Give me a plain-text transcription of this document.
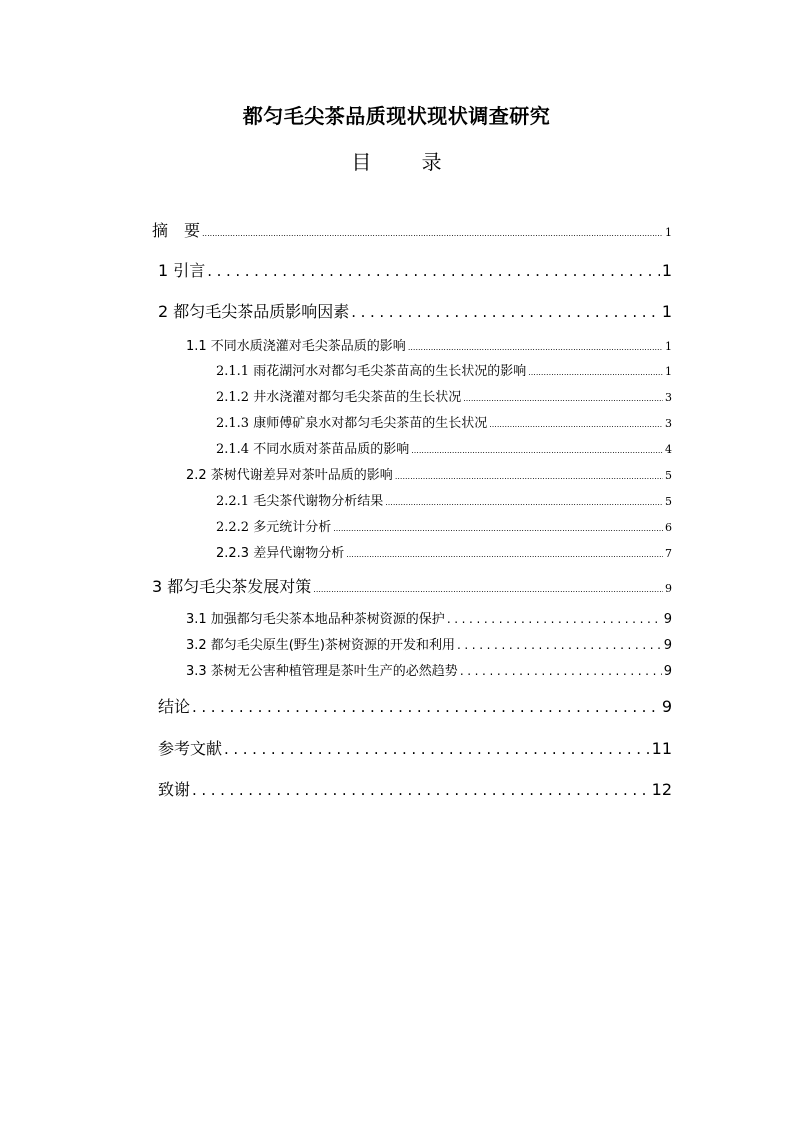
都匀毛尖茶品质现状现状调查研究
目 录
摘　要 .....	1
1 引言 .....	1
2 都匀毛尖茶品质影响因素 .....	1
1.1 不同水质浇灌对毛尖茶品质的影响 .....	1
2.1.1 雨花湖河水对都匀毛尖茶苗高的生长状况的影响 .....	1
2.1.2 井水浇灌对都匀毛尖茶苗的生长状况 .....	3
2.1.3 康师傅矿泉水对都匀毛尖茶苗的生长状况 .....	3
2.1.4 不同水质对茶苗品质的影响 .....	4
2.2 茶树代谢差异对茶叶品质的影响 .....	5
2.2.1 毛尖茶代谢物分析结果 .....	5
2.2.2 多元统计分析 .....	6
2.2.3 差异代谢物分析 .....	7
3 都匀毛尖茶发展对策 .....	9
3.1 加强都匀毛尖茶本地品种茶树资源的保护 .....	9
3.2 都匀毛尖原生(野生)茶树资源的开发和利用 .....	9
3.3 茶树无公害种植管理是茶叶生产的必然趋势 .....	9
结论 .....	9
参考文献 .....	11
致谢 .....	12
